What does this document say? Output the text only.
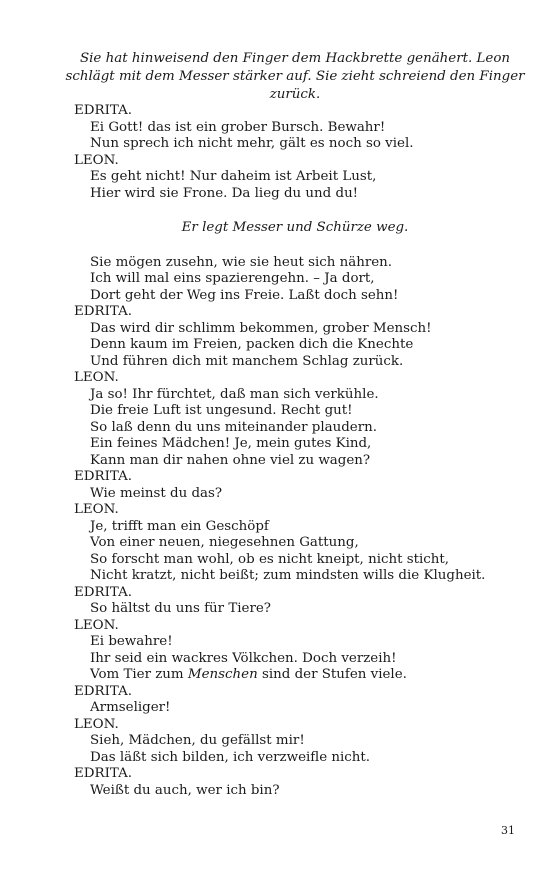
Sie hat hinweisend den Finger dem Hackbrette genähert. Leon schlägt mit dem Messer stärker auf. Sie zieht schreiend den Finger zurück.
EDRITA.
Ei Gott! das ist ein grober Bursch. Bewahr!
Nun sprech ich nicht mehr, gält es noch so viel.
LEON.
Es geht nicht! Nur daheim ist Arbeit Lust,
Hier wird sie Frone. Da lieg du und du!
Er legt Messer und Schürze weg.
Sie mögen zusehn, wie sie heut sich nähren.
Ich will mal eins spazierengehn. – Ja dort,
Dort geht der Weg ins Freie. Laßt doch sehn!
EDRITA.
Das wird dir schlimm bekommen, grober Mensch!
Denn kaum im Freien, packen dich die Knechte
Und führen dich mit manchem Schlag zurück.
LEON.
Ja so! Ihr fürchtet, daß man sich verkühle.
Die freie Luft ist ungesund. Recht gut!
So laß denn du uns miteinander plaudern.
Ein feines Mädchen! Je, mein gutes Kind,
Kann man dir nahen ohne viel zu wagen?
EDRITA.
Wie meinst du das?
LEON.
Je, trifft man ein Geschöpf
Von einer neuen, niegesehnen Gattung,
So forscht man wohl, ob es nicht kneipt, nicht sticht,
Nicht kratzt, nicht beißt; zum mindsten wills die Klugheit.
EDRITA.
So hältst du uns für Tiere?
LEON.
Ei bewahre!
Ihr seid ein wackres Völkchen. Doch verzeih!
Vom Tier zum Menschen sind der Stufen viele.
EDRITA.
Armseliger!
LEON.
Sieh, Mädchen, du gefällst mir!
Das läßt sich bilden, ich verzweifle nicht.
EDRITA.
Weißt du auch, wer ich bin?
31
